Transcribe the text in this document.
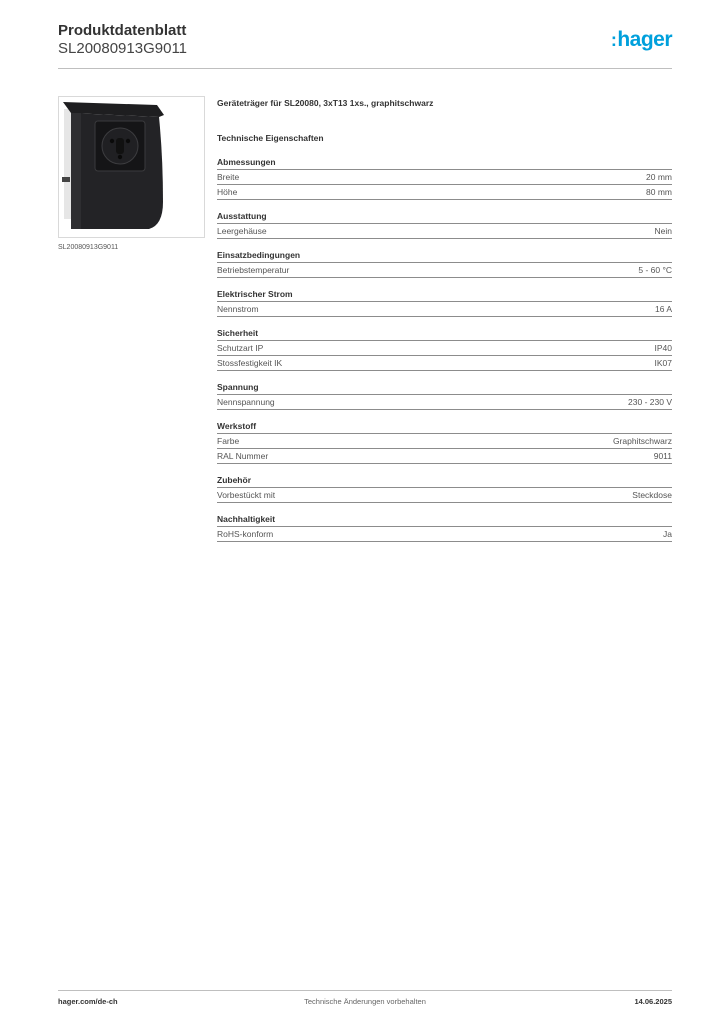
Produktdatenblatt
SL20080913G9011	:hager
SL20080913G9011
Geräteträger für SL20080, 3xT13 1xs., graphitschwarz
Technische Eigenschaften
Abmessungen
Breite	20 mm
Höhe	80 mm
Ausstattung
Leergehäuse	Nein
Einsatzbedingungen
Betriebstemperatur	5 - 60 °C
Elektrischer Strom
Nennstrom	16 A
Sicherheit
Schutzart IP	IP40
Stossfestigkeit IK	IK07
Spannung
Nennspannung	230 - 230 V
Werkstoff
Farbe	Graphitschwarz
RAL Nummer	9011
Zubehör
Vorbestückt mit	Steckdose
Nachhaltigkeit
RoHS-konform	Ja
hager.com/de-ch	Technische Änderungen vorbehalten	14.06.2025
